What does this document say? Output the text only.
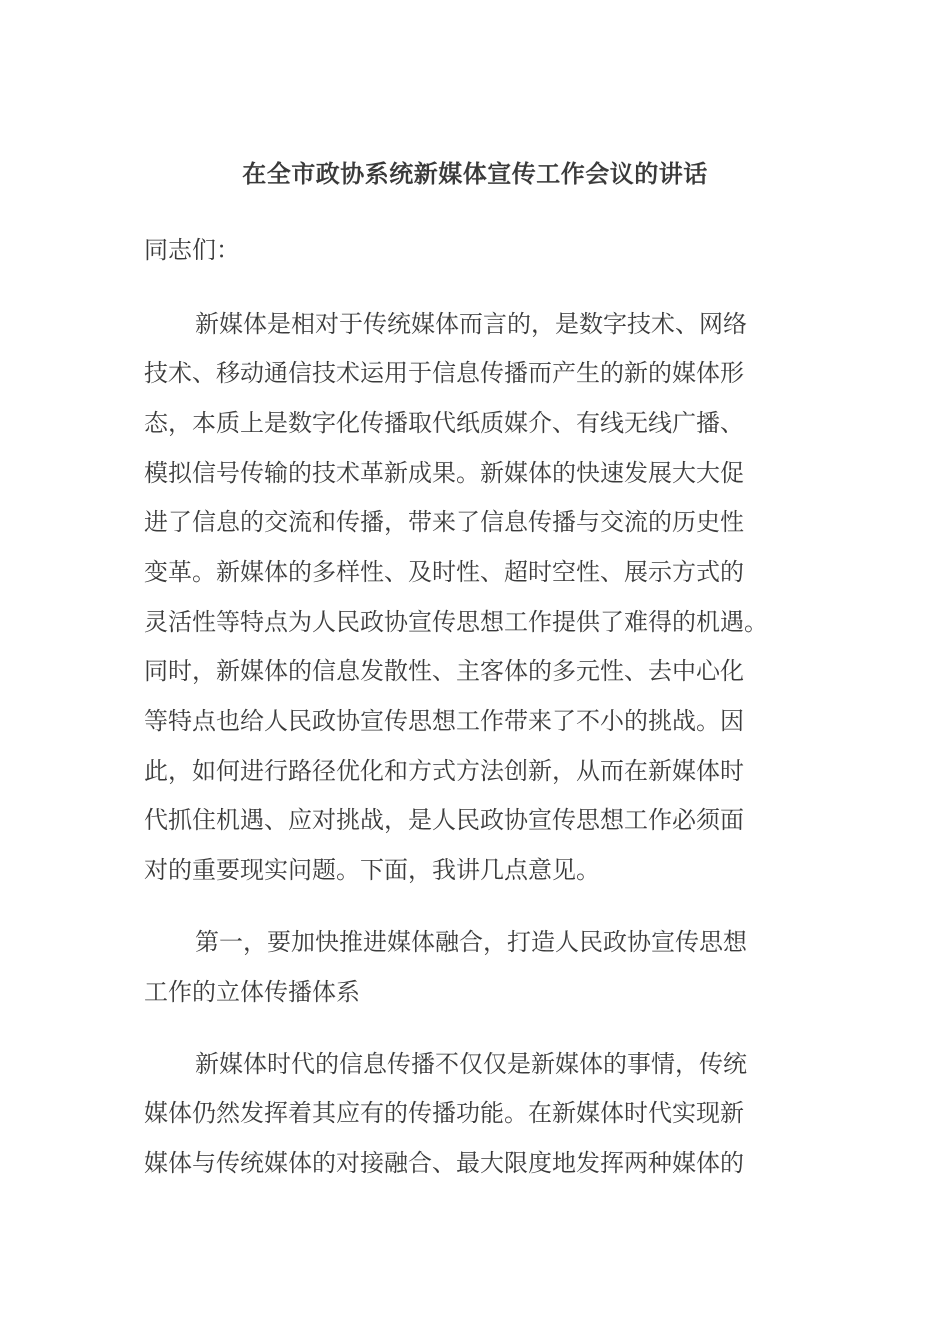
在全市政协系统新媒体宣传工作会议的讲话
同志们：
新媒体是相对于传统媒体而言的，是数字技术、网络
技术、移动通信技术运用于信息传播而产生的新的媒体形
态，本质上是数字化传播取代纸质媒介、有线无线广播、
模拟信号传输的技术革新成果。新媒体的快速发展大大促
进了信息的交流和传播，带来了信息传播与交流的历史性
变革。新媒体的多样性、及时性、超时空性、展示方式的
灵活性等特点为人民政协宣传思想工作提供了难得的机遇。
同时，新媒体的信息发散性、主客体的多元性、去中心化
等特点也给人民政协宣传思想工作带来了不小的挑战。因
此，如何进行路径优化和方式方法创新，从而在新媒体时
代抓住机遇、应对挑战，是人民政协宣传思想工作必须面
对的重要现实问题。下面，我讲几点意见。
第一，要加快推进媒体融合，打造人民政协宣传思想
工作的立体传播体系
新媒体时代的信息传播不仅仅是新媒体的事情，传统
媒体仍然发挥着其应有的传播功能。在新媒体时代实现新
媒体与传统媒体的对接融合、最大限度地发挥两种媒体的
